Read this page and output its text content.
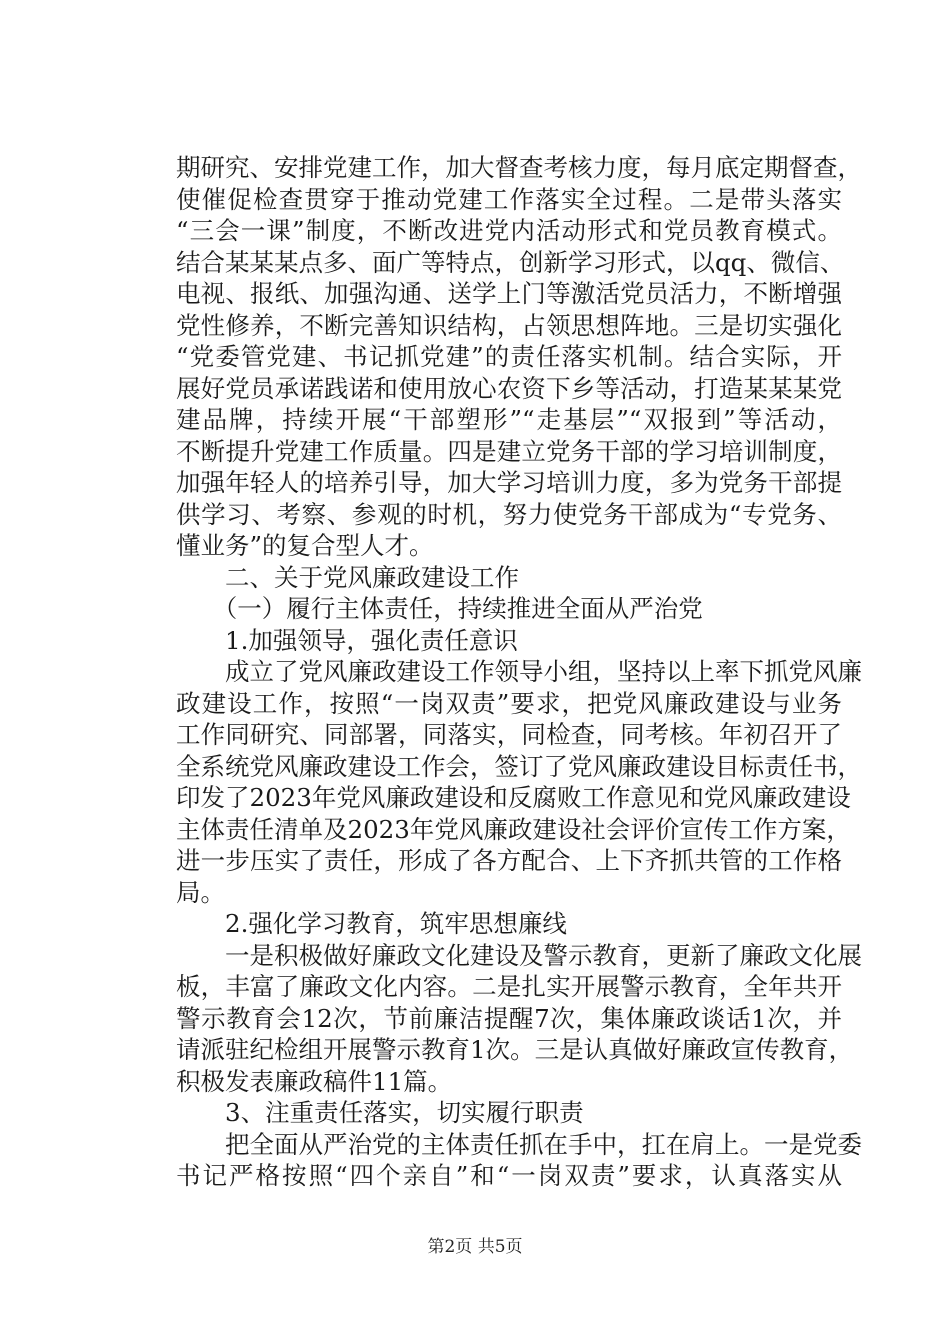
期研究、安排党建工作，加大督查考核力度，每月底定期督查，
使催促检查贯穿于推动党建工作落实全过程。二是带头落实
“三会一课”制度，不断改进党内活动形式和党员教育模式。
结合某某某点多、面广等特点，创新学习形式，以qq、微信、
电视、报纸、加强沟通、送学上门等激活党员活力，不断增强
党性修养，不断完善知识结构，占领思想阵地。三是切实强化
“党委管党建、书记抓党建”的责任落实机制。结合实际，开
展好党员承诺践诺和使用放心农资下乡等活动，打造某某某党
建品牌，持续开展“干部塑形”“走基层”“双报到”等活动，
不断提升党建工作质量。四是建立党务干部的学习培训制度，
加强年轻人的培养引导，加大学习培训力度，多为党务干部提
供学习、考察、参观的时机，努力使党务干部成为“专党务、
懂业务”的复合型人才。
　　二、关于党风廉政建设工作
　　（一）履行主体责任，持续推进全面从严治党
　　1.加强领导，强化责任意识
　　成立了党风廉政建设工作领导小组，坚持以上率下抓党风廉
政建设工作，按照“一岗双责”要求，把党风廉政建设与业务
工作同研究、同部署，同落实，同检查，同考核。年初召开了
全系统党风廉政建设工作会，签订了党风廉政建设目标责任书，
印发了2023年党风廉政建设和反腐败工作意见和党风廉政建设
主体责任清单及2023年党风廉政建设社会评价宣传工作方案，
进一步压实了责任，形成了各方配合、上下齐抓共管的工作格
局。
　　2.强化学习教育，筑牢思想廉线
　　一是积极做好廉政文化建设及警示教育，更新了廉政文化展
板，丰富了廉政文化内容。二是扎实开展警示教育，全年共开
警示教育会12次，节前廉洁提醒7次，集体廉政谈话1次，并
请派驻纪检组开展警示教育1次。三是认真做好廉政宣传教育，
积极发表廉政稿件11篇。
　　3、注重责任落实，切实履行职责
　　把全面从严治党的主体责任抓在手中，扛在肩上。一是党委
书记严格按照“四个亲自”和“一岗双责”要求，认真落实从
第2页 共5页
